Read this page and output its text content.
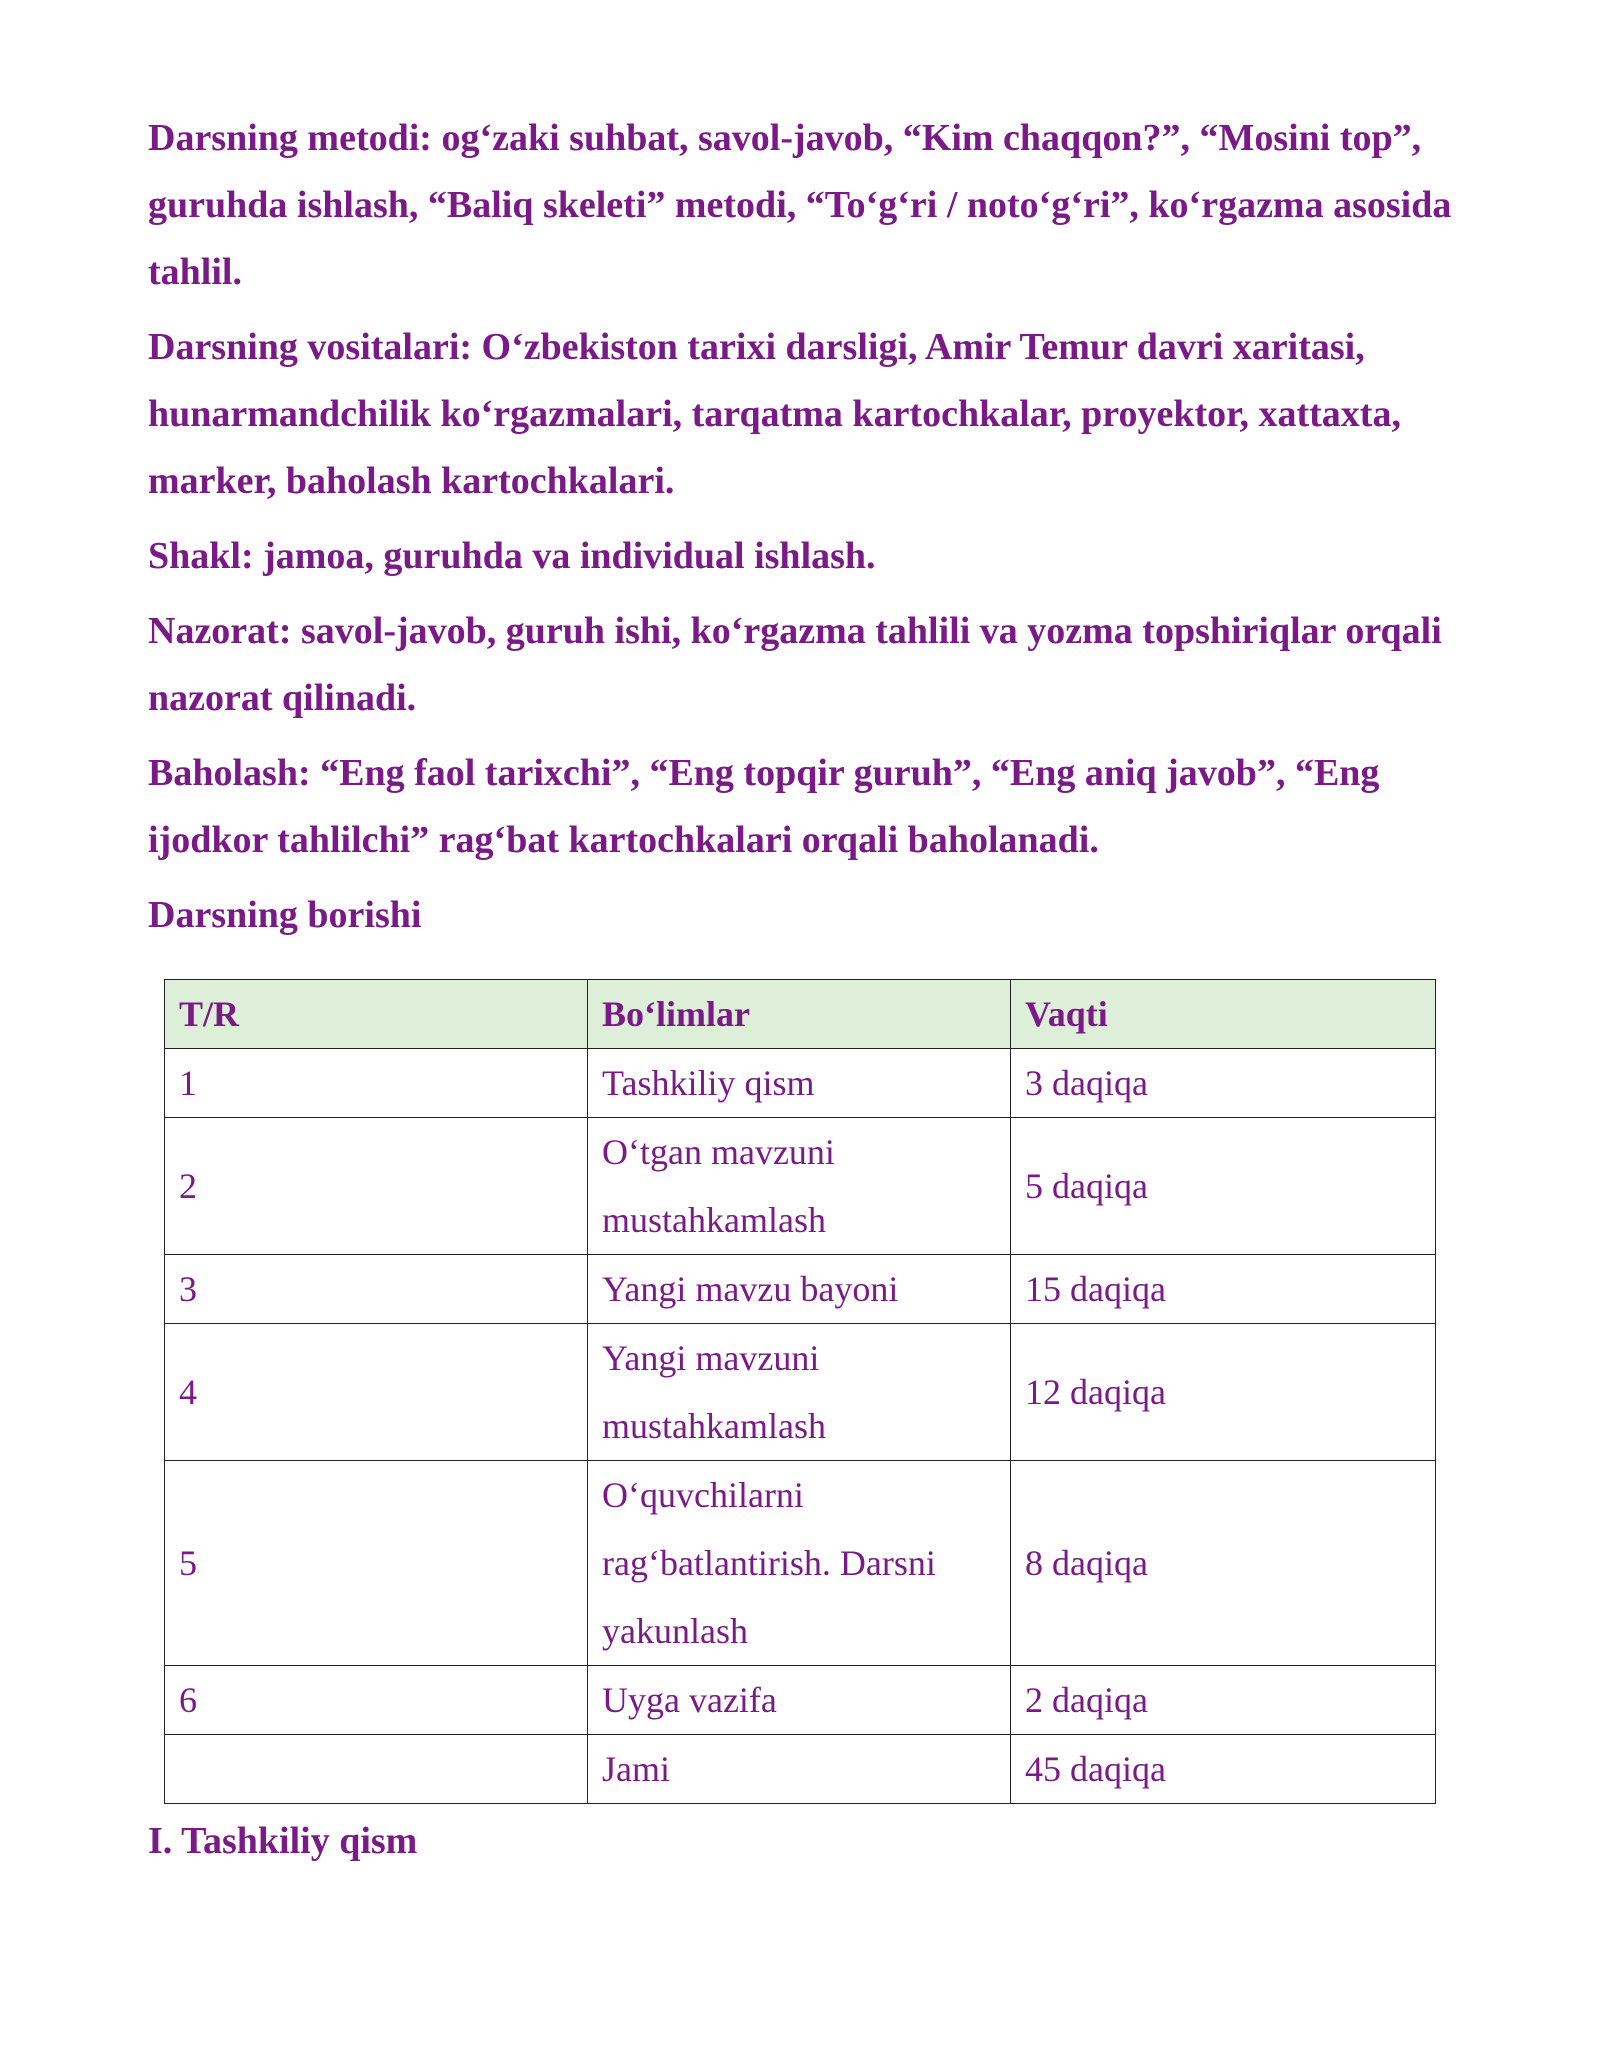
Darsning metodi: og‘zaki suhbat, savol-javob, “Kim chaqqon?”, “Mosini top”, guruhda ishlash, “Baliq skeleti” metodi, “To‘g‘ri / noto‘g‘ri”, ko‘rgazma asosida tahlil.

Darsning vositalari: O‘zbekiston tarixi darsligi, Amir Temur davri xaritasi, hunarmandchilik ko‘rgazmalari, tarqatma kartochkalar, proyektor, xattaxta, marker, baholash kartochkalari.

Shakl: jamoa, guruhda va individual ishlash.

Nazorat: savol-javob, guruh ishi, ko‘rgazma tahlili va yozma topshiriqlar orqali nazorat qilinadi.

Baholash: “Eng faol tarixchi”, “Eng topqir guruh”, “Eng aniq javob”, “Eng ijodkor tahlilchi” rag‘bat kartochkalari orqali baholanadi.

Darsning borishi

T/R	Bo‘limlar	Vaqti
1	Tashkiliy qism	3 daqiqa
2	O‘tgan mavzuni mustahkamlash	5 daqiqa
3	Yangi mavzu bayoni	15 daqiqa
4	Yangi mavzuni mustahkamlash	12 daqiqa
5	O‘quvchilarni rag‘batlantirish. Darsni yakunlash	8 daqiqa
6	Uyga vazifa	2 daqiqa
	Jami	45 daqiqa

I. Tashkiliy qism
